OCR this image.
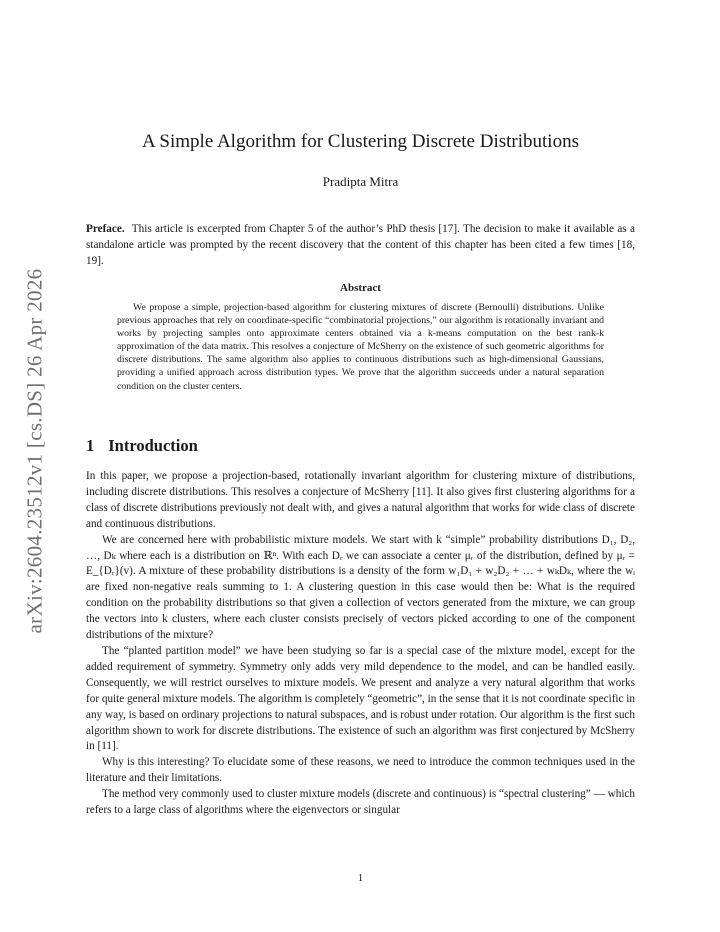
arXiv:2604.23512v1 [cs.DS] 26 Apr 2026
A Simple Algorithm for Clustering Discrete Distributions
Pradipta Mitra
Preface. This article is excerpted from Chapter 5 of the author’s PhD thesis [17]. The decision to make it available as a standalone article was prompted by the recent discovery that the content of this chapter has been cited a few times [18, 19].
Abstract
We propose a simple, projection-based algorithm for clustering mixtures of discrete (Bernoulli) distributions. Unlike previous approaches that rely on coordinate-specific “combinatorial projections,” our algorithm is rotationally invariant and works by projecting samples onto approximate centers obtained via a k-means computation on the best rank-k approximation of the data matrix. This resolves a conjecture of McSherry on the existence of such geometric algorithms for discrete distributions. The same algorithm also applies to continuous distributions such as high-dimensional Gaussians, providing a unified approach across distribution types. We prove that the algorithm succeeds under a natural separation condition on the cluster centers.
1 Introduction

In this paper, we propose a projection-based, rotationally invariant algorithm for clustering mixture of distributions, including discrete distributions. This resolves a conjecture of McSherry [11]. It also gives first clustering algorithms for a class of discrete distributions previously not dealt with, and gives a natural algorithm that works for wide class of discrete and continuous distributions.

We are concerned here with probabilistic mixture models. We start with k “simple” probability distributions D₁, D₂, …, Dₖ where each is a distribution on ℝⁿ. With each Dᵣ we can associate a center μᵣ of the distribution, defined by μᵣ = E_{Dᵣ}(v). A mixture of these probability distributions is a density of the form w₁D₁ + w₂D₂ + … + wₖDₖ, where the wᵢ are fixed non-negative reals summing to 1. A clustering question in this case would then be: What is the required condition on the probability distributions so that given a collection of vectors generated from the mixture, we can group the vectors into k clusters, where each cluster consists precisely of vectors picked according to one of the component distributions of the mixture?

The “planted partition model” we have been studying so far is a special case of the mixture model, except for the added requirement of symmetry. Symmetry only adds very mild dependence to the model, and can be handled easily. Consequently, we will restrict ourselves to mixture models. We present and analyze a very natural algorithm that works for quite general mixture models. The algorithm is completely “geometric”, in the sense that it is not coordinate specific in any way, is based on ordinary projections to natural subspaces, and is robust under rotation. Our algorithm is the first such algorithm shown to work for discrete distributions. The existence of such an algorithm was first conjectured by McSherry in [11].

Why is this interesting? To elucidate some of these reasons, we need to introduce the common techniques used in the literature and their limitations.

The method very commonly used to cluster mixture models (discrete and continuous) is “spectral clustering” — which refers to a large class of algorithms where the eigenvectors or singular

1
